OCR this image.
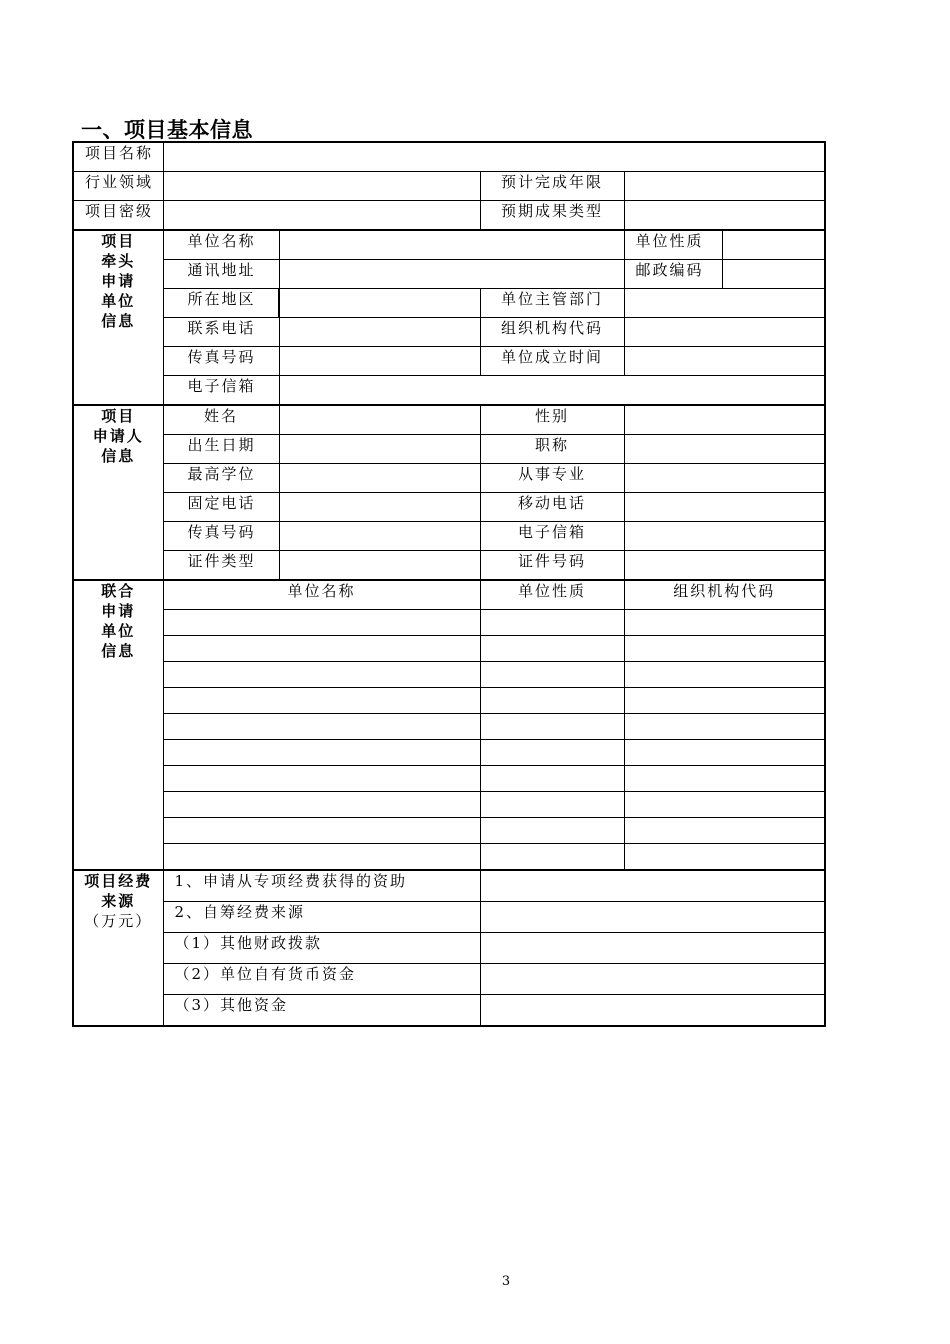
一、项目基本信息
项目名称					
行业领域			预计完成年限		
项目密级			预期成果类型		
项目
牵头
申请
单位
信息	单位名称			单位性质	
	通讯地址			邮政编码	
	所在地区		单位主管部门		
	联系电话		组织机构代码		
	传真号码		单位成立时间		
	电子信箱				
项目
申请人
信息	姓名		性别		
	出生日期		职称		
	最高学位		从事专业		
	固定电话		移动电话		
	传真号码		电子信箱		
	证件类型		证件号码		
联合
申请
单位
信息	单位名称		单位性质	组织机构代码	

项目经费
来源
（万元）	1、申请从专项经费获得的资助				
	2、自筹经费来源				
	（1）其他财政拨款				
	（2）单位自有货币资金				
	（3）其他资金				
3
